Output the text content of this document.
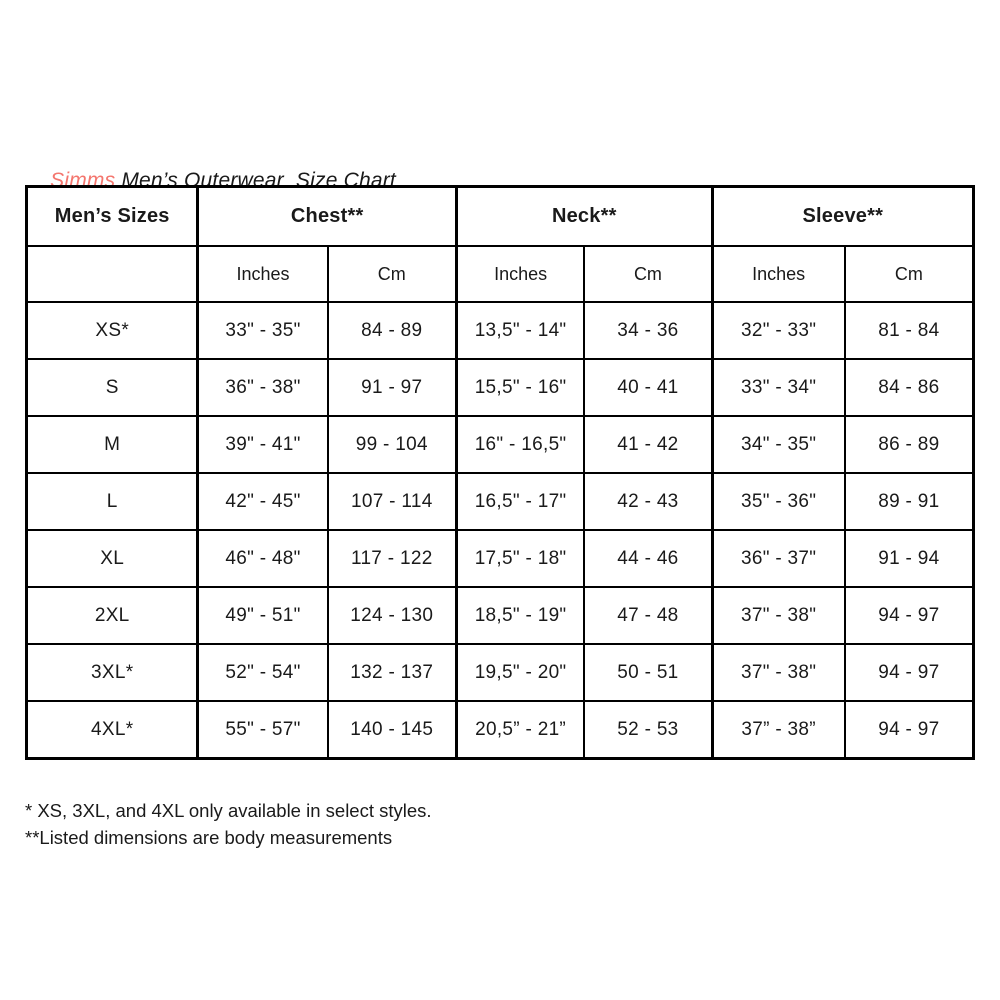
Simms Men’s Outerwear  Size Chart

Men’s Sizes	Chest**		Neck**		Sleeve**	
	Inches	Cm	Inches	Cm	Inches	Cm
XS*	33" - 35"	84 - 89	13,5" - 14"	34 - 36	32" - 33"	81 - 84
S	36" - 38"	91 - 97	15,5" - 16"	40 - 41	33" - 34"	84 - 86
M	39" - 41"	99 - 104	16" - 16,5"	41 - 42	34" - 35"	86 - 89
L	42" - 45"	107 - 114	16,5" - 17"	42 - 43	35" - 36"	89 - 91
XL	46" - 48"	117 - 122	17,5" - 18"	44 - 46	36" - 37"	91 - 94
2XL	49" - 51"	124 - 130	18,5" - 19"	47 - 48	37" - 38"	94 - 97
3XL*	52" - 54"	132 - 137	19,5" - 20"	50 - 51	37" - 38"	94 - 97
4XL*	55" - 57"	140 - 145	20,5” - 21”	52 - 53	37” - 38”	94 - 97
* XS, 3XL, and 4XL only available in select styles.
**Listed dimensions are body measurements
